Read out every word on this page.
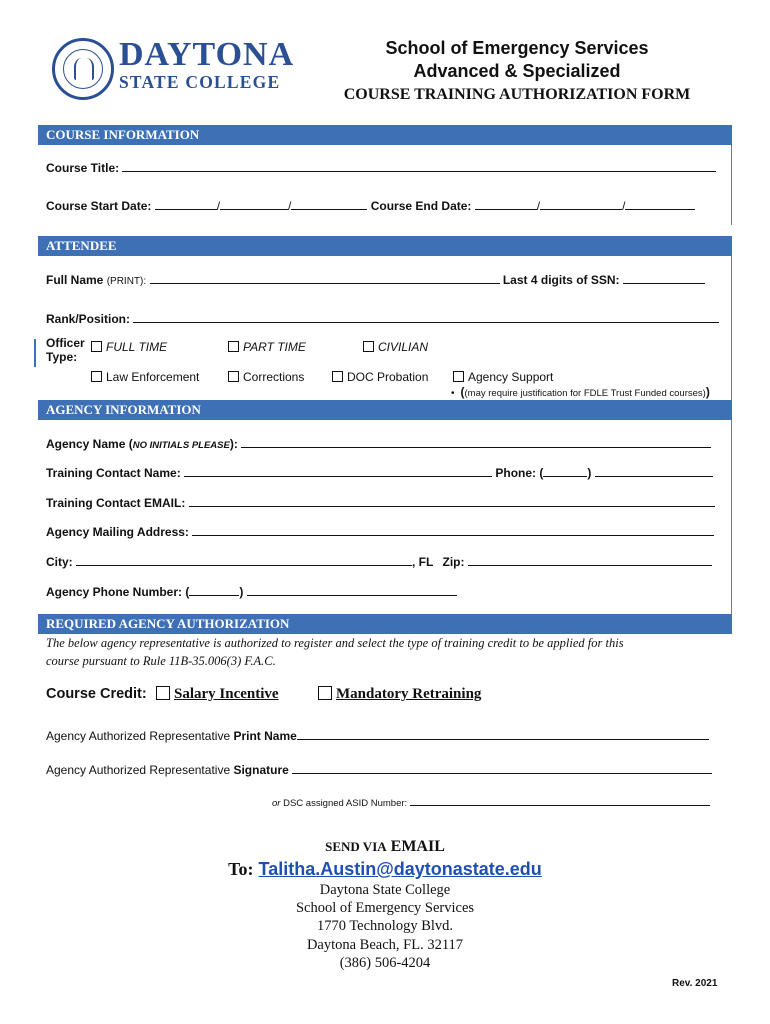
DAYTONA
STATE COLLEGE
School of Emergency Services
Advanced & Specialized
COURSE TRAINING AUTHORIZATION FORM
COURSE INFORMATION
Course Title:
Course Start Date:	/	/	Course End Date:	/	/
ATTENDEE
Full Name (PRINT):	Last 4 digits of SSN:
Rank/Position:
Officer
Type:
FULL TIME	PART TIME	CIVILIAN
Law Enforcement	Corrections	DOC Probation	Agency Support
• ((may require justification for FDLE Trust Funded courses))
AGENCY INFORMATION
Agency Name (NO INITIALS PLEASE):
Training Contact Name:	Phone: (	)
Training Contact EMAIL:
Agency Mailing Address:
City:	, FL Zip:
Agency Phone Number: (	)
REQUIRED AGENCY AUTHORIZATION
The below agency representative is authorized to register and select the type of training credit to be applied for this
course pursuant to Rule 11B-35.006(3) F.A.C.
Course Credit:	Salary Incentive	Mandatory Retraining
Agency Authorized Representative Print Name
Agency Authorized Representative Signature
or DSC assigned ASID Number:
SEND VIA EMAIL
To: Talitha.Austin@daytonastate.edu
Daytona State College
School of Emergency Services
1770 Technology Blvd.
Daytona Beach, FL. 32117
(386) 506-4204
Rev. 2021
